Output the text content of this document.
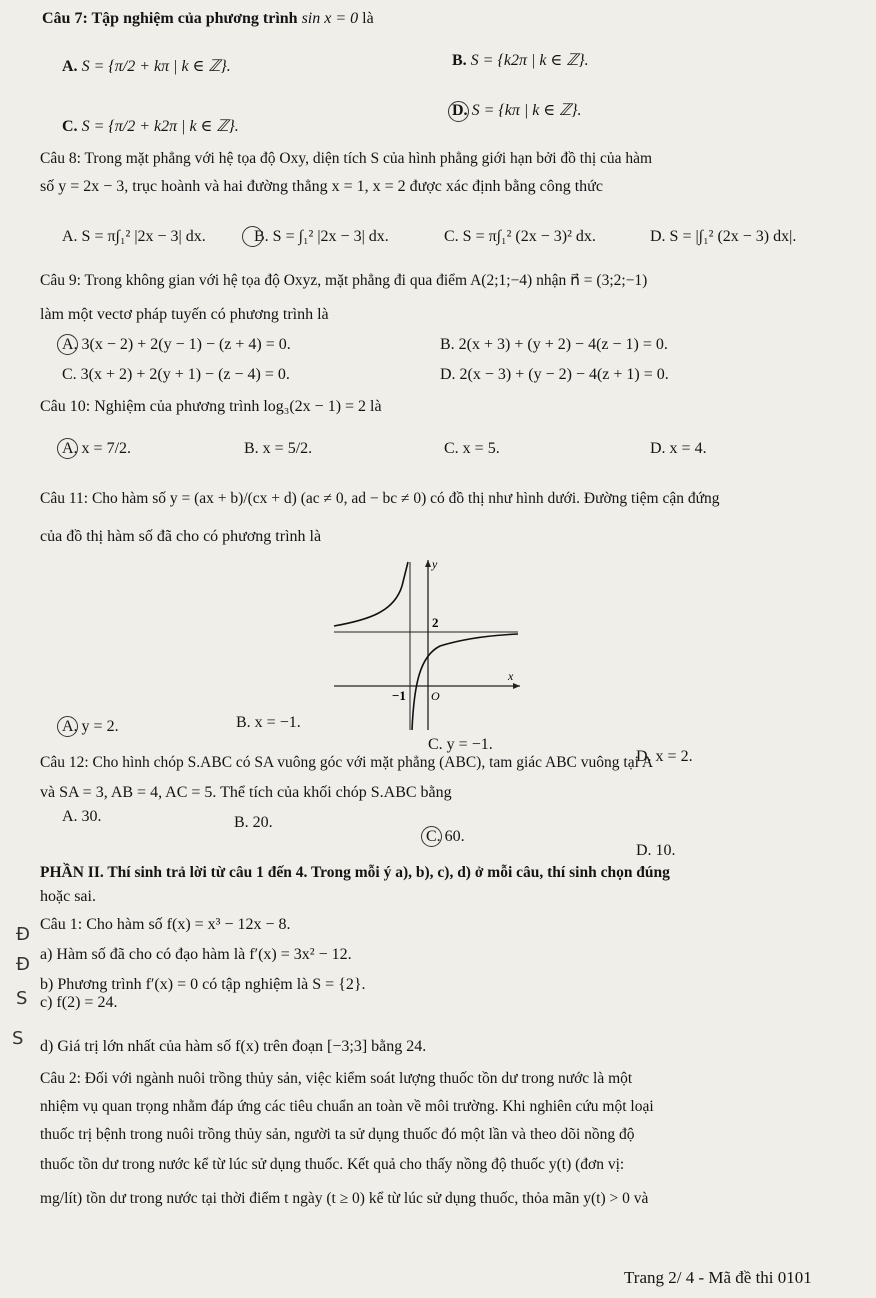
Câu 7: Tập nghiệm của phương trình sin x = 0 là
A. S = {π/2 + kπ | k ∈ ℤ}.	B. S = {k2π | k ∈ ℤ}.
C. S = {π/2 + k2π | k ∈ ℤ}.
D. S = {kπ | k ∈ ℤ}.
Câu 8: Trong mặt phẳng với hệ tọa độ Oxy, diện tích S của hình phẳng giới hạn bởi đồ thị của hàm
số y = 2x − 3, trục hoành và hai đường thẳng x = 1, x = 2 được xác định bằng công thức
A. S = π∫₁² |2x − 3| dx.	B. S = ∫₁² |2x − 3| dx.	C. S = π∫₁² (2x − 3)² dx.	D. S = |∫₁² (2x − 3) dx|.
Câu 9: Trong không gian với hệ tọa độ Oxyz, mặt phẳng đi qua điểm A(2;1;−4) nhận n⃗ = (3;2;−1)
làm một vectơ pháp tuyến có phương trình là
A. 3(x − 2) + 2(y − 1) − (z + 4) = 0.	B. 2(x + 3) + (y + 2) − 4(z − 1) = 0.
C. 3(x + 2) + 2(y + 1) − (z − 4) = 0.	D. 2(x − 3) + (y − 2) − 4(z + 1) = 0.
Câu 10: Nghiệm của phương trình log₃(2x − 1) = 2 là
A. x = 7/2.	B. x = 5/2.	C. x = 5.	D. x = 4.
Câu 11: Cho hàm số y = (ax + b)/(cx + d) (ac ≠ 0, ad − bc ≠ 0) có đồ thị như hình dưới. Đường tiệm cận đứng
của đồ thị hàm số đã cho có phương trình là
y
x
2
−1 O
A. y = 2.	B. x = −1.
C. y = −1.
D. x = 2.
Câu 12: Cho hình chóp S.ABC có SA vuông góc với mặt phẳng (ABC), tam giác ABC vuông tại A
và SA = 3, AB = 4, AC = 5. Thể tích của khối chóp S.ABC bằng
A. 30.	B. 20.
C. 60.
D. 10.
PHẦN II. Thí sinh trả lời từ câu 1 đến 4. Trong mỗi ý a), b), c), d) ở mỗi câu, thí sinh chọn đúng
hoặc sai.
Câu 1: Cho hàm số f(x) = x³ − 12x − 8.
Đ
a) Hàm số đã cho có đạo hàm là f′(x) = 3x² − 12.
Đ
b) Phương trình f′(x) = 0 có tập nghiệm là S = {2}.
S c) f(2) = 24.
S d) Giá trị lớn nhất của hàm số f(x) trên đoạn [−3;3] bằng 24.
Câu 2: Đối với ngành nuôi trồng thủy sản, việc kiểm soát lượng thuốc tồn dư trong nước là một
nhiệm vụ quan trọng nhằm đáp ứng các tiêu chuẩn an toàn về môi trường. Khi nghiên cứu một loại
thuốc trị bệnh trong nuôi trồng thủy sản, người ta sử dụng thuốc đó một lần và theo dõi nồng độ
thuốc tồn dư trong nước kể từ lúc sử dụng thuốc. Kết quả cho thấy nồng độ thuốc y(t) (đơn vị:
mg/lít) tồn dư trong nước tại thời điểm t ngày (t ≥ 0) kể từ lúc sử dụng thuốc, thỏa mãn y(t) > 0 và
Trang 2/ 4 - Mã đề thi 0101
